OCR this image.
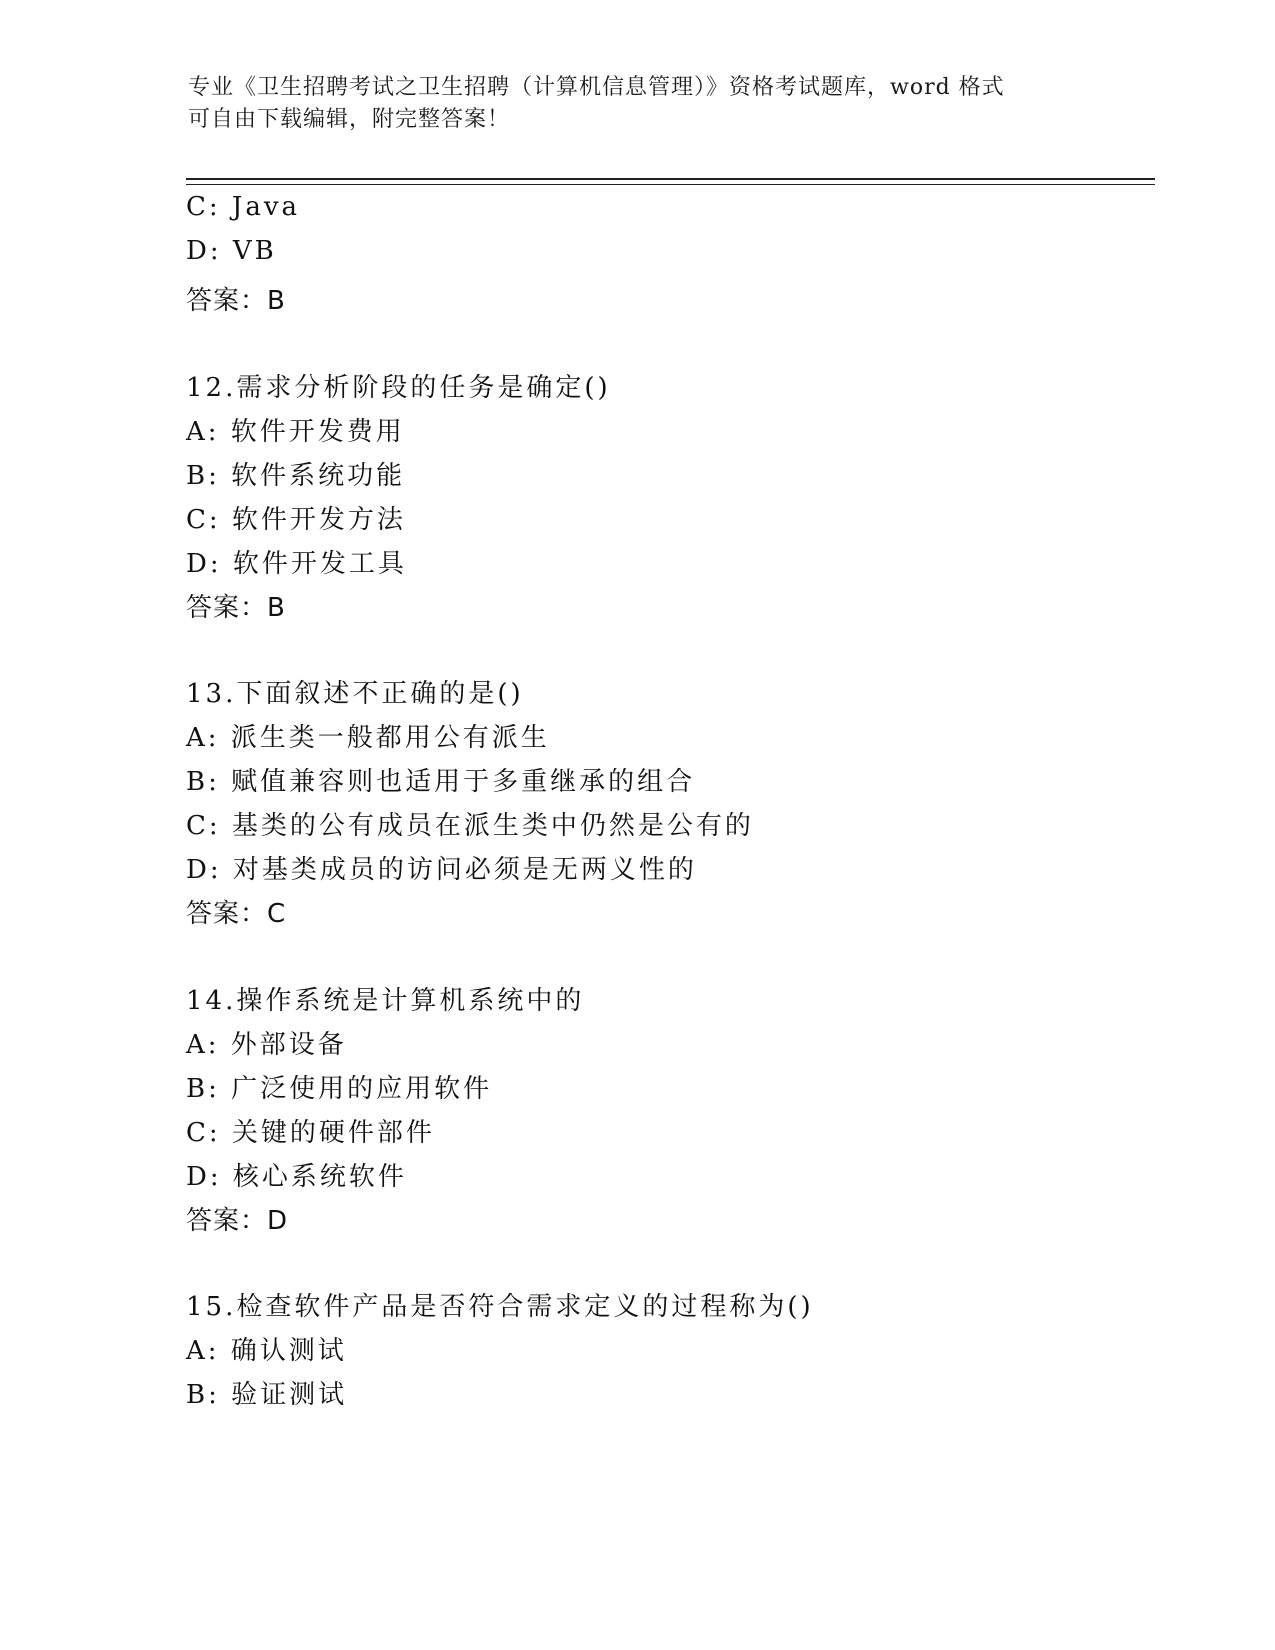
专业《卫生招聘考试之卫生招聘（计算机信息管理）》资格考试题库，word 格式
可自由下载编辑，附完整答案！
C: Java
D: VB
答案：B
12.需求分析阶段的任务是确定()
A: 软件开发费用
B: 软件系统功能
C: 软件开发方法
D: 软件开发工具
答案：B
13.下面叙述不正确的是()
A: 派生类一般都用公有派生
B: 赋值兼容则也适用于多重继承的组合
C: 基类的公有成员在派生类中仍然是公有的
D: 对基类成员的访问必须是无两义性的
答案：C
14.操作系统是计算机系统中的
A: 外部设备
B: 广泛使用的应用软件
C: 关键的硬件部件
D: 核心系统软件
答案：D
15.检查软件产品是否符合需求定义的过程称为()
A: 确认测试
B: 验证测试
